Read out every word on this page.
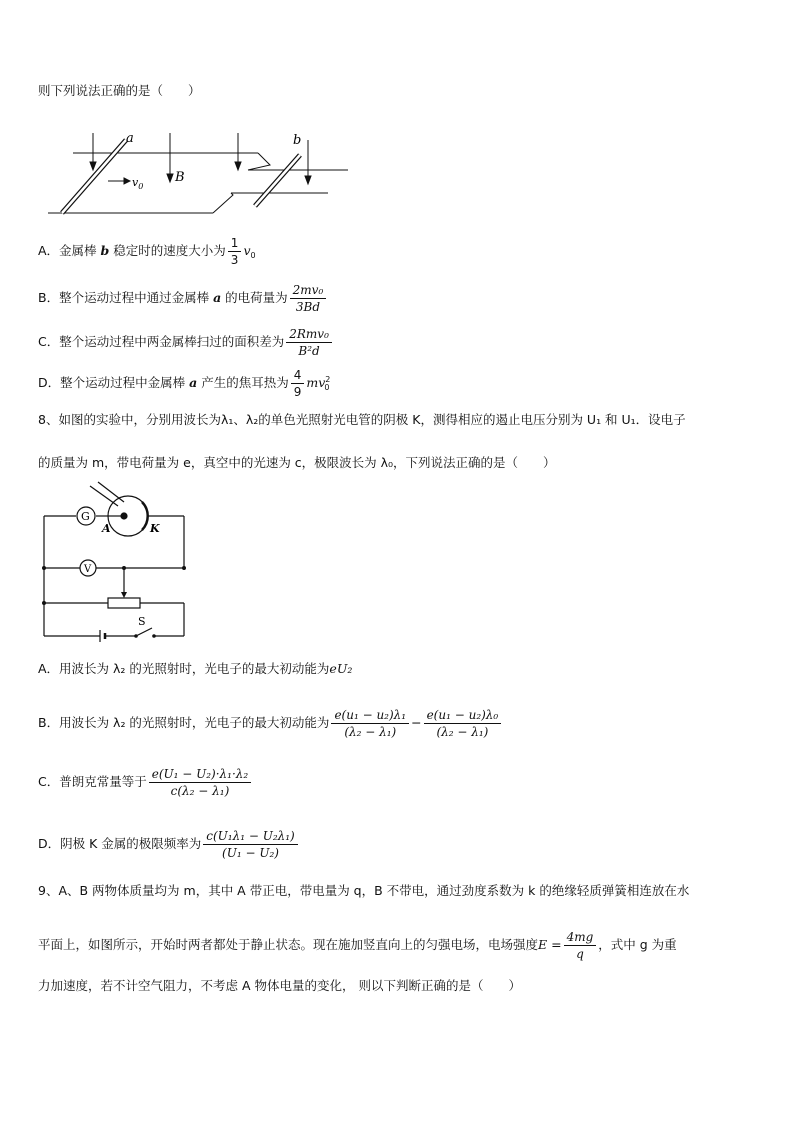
则下列说法正确的是（　　）
a	b
B
$v_0$
A．金属棒 b 稳定时的速度大小为 $\frac{1}{3} v_0$
B．整个运动过程中通过金属棒 a 的电荷量为 $\frac{\text{2mv₀}}{3Bd}$
C．整个运动过程中两金属棒扫过的面积差为 $\frac{\text{2Rmv₀}}{\text{B²d}}$
D．整个运动过程中金属棒 a 产生的焦耳热为 $\frac{4}{9} mv^2_0$
8、如图的实验中，分别用波长为λ₁、λ₂的单色光照射光电管的阴极 K，测得相应的遏止电压分别为 U₁ 和 U₁．设电子
的质量为 m，带电荷量为 e，真空中的光速为 c，极限波长为 λ₀，下列说法正确的是（　　）
G
A	K
V
S
A．用波长为 λ₂ 的光照射时，光电子的最大初动能为eU₂
B．用波长为 λ₂ 的光照射时，光电子的最大初动能为 $\frac{\text{e(u₁ − u₂)λ₁}}{\text{(λ₂ − λ₁)}} - \frac{\text{e(u₁ − u₂)λ₀}}{\text{(λ₂ − λ₁)}}$
C．普朗克常量等于 $\frac{\text{e(U₁ − U₂)·λ₁·λ₂}}{\text{c(λ₂ − λ₁)}}$
D．阴极 K 金属的极限频率为 $\frac{\text{c(U₁λ₁ − U₂λ₁)}}{\text{(U₁ − U₂)}}$
9、A、B 两物体质量均为 m，其中 A 带正电，带电量为 q，B 不带电，通过劲度系数为 k 的绝缘轻质弹簧相连放在水
平面上，如图所示，开始时两者都处于静止状态。现在施加竖直向上的匀强电场，电场强度$E = \frac{4mg}{q}$ ，式中 g 为重
力加速度，若不计空气阻力，不考虑 A 物体电量的变化， 则以下判断正确的是（　　）
